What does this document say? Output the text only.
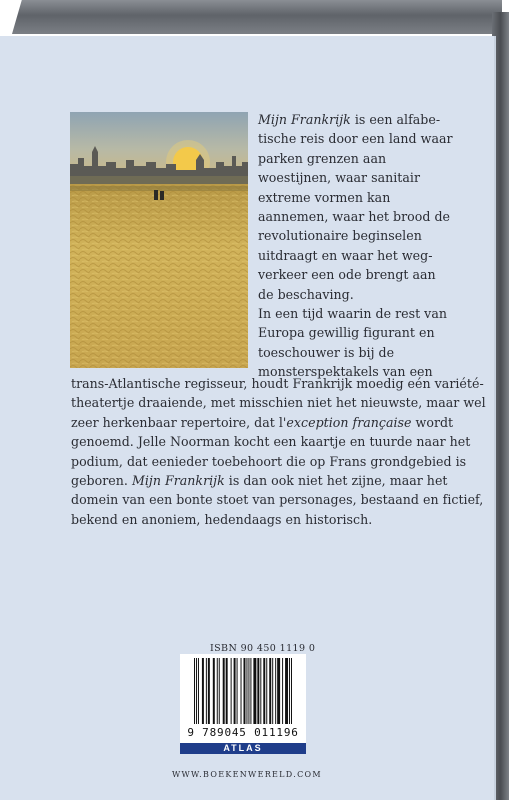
Mijn Frankrijk is een alfabe-
tische reis door een land waar
parken grenzen aan
woestijnen, waar sanitair
extreme vormen kan
aannemen, waar het brood de
revolutionaire beginselen
uitdraagt en waar het weg-
verkeer een ode brengt aan
de beschaving.
In een tijd waarin de rest van
Europa gewillig figurant en
toeschouwer is bij de
monsterspektakels van een
trans-Atlantische regisseur, houdt Frankrijk moedig eén variété-
theatertje draaiende, met misschien niet het nieuwste, maar wel
zeer herkenbaar repertoire, dat l'exception française wordt
genoemd. Jelle Noorman kocht een kaartje en tuurde naar het
podium, dat eenieder toebehoort die op Frans grondgebied is
geboren. Mijn Frankrijk is dan ook niet het zijne, maar het
domein van een bonte stoet van personages, bestaand en fictief,
bekend en anoniem, hedendaags en historisch.
ISBN 90 450 1119 0
9 789045 011196
ATLAS
WWW.BOEKENWERELD.COM
